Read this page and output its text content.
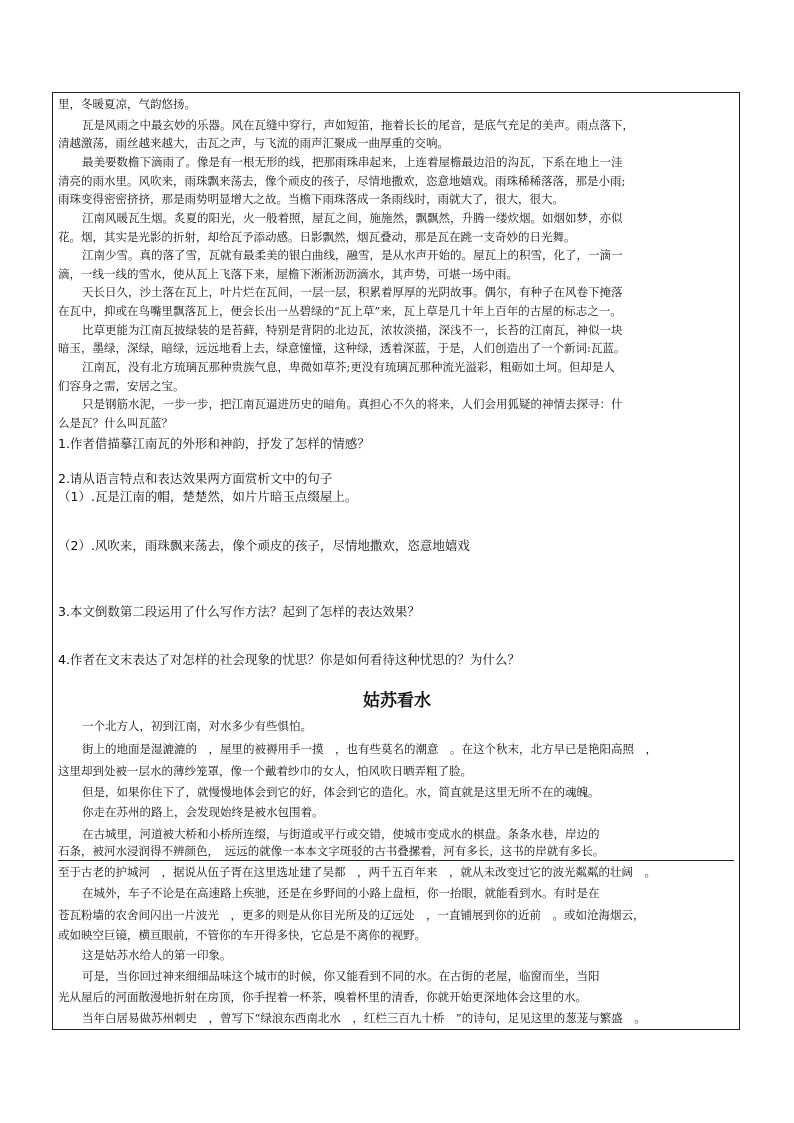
里，冬暖夏凉，气韵悠扬。
瓦是风雨之中最玄妙的乐器。风在瓦缝中穿行，声如短笛，拖着长长的尾音，是底气充足的美声。雨点落下，
清越激荡，雨丝越来越大，击瓦之声，与飞流的雨声汇聚成一曲厚重的交响。
最美要数檐下滴雨了。像是有一根无形的线，把那雨珠串起来，上连着屋檐最边沿的沟瓦，下系在地上一洼
清亮的雨水里。风吹来，雨珠飘来荡去，像个顽皮的孩子，尽情地撒欢，恣意地嬉戏。雨珠稀稀落落，那是小雨;
雨珠变得密密挤挤，那是雨势明显增大之故。当檐下雨珠落成一条雨线时，雨就大了，很大，很大。
江南风暖瓦生烟。炙夏的阳光，火一般着照，屋瓦之间，施施然，飘飘然，升腾一缕炊烟。如烟如梦，亦似
花。烟，其实是光影的折射，却给瓦予添动感。日影飘然，烟瓦叠动，那是瓦在跳一支奇妙的日光舞。
江南少雪。真的落了雪，瓦就有最柔美的银白曲线，融雪，是从水声开始的。屋瓦上的积雪，化了，一滴一
滴，一线一线的雪水，使从瓦上飞落下来，屋檐下淅淅沥沥滴水，其声势，可堪一场中雨。
天长日久，沙土落在瓦上，叶片烂在瓦间，一层一层，积累着厚厚的光阴故事。偶尔，有种子在风卷下掩落
在瓦中，抑或在鸟嘴里飘落瓦上，便会长出一丛碧绿的“瓦上草”来，瓦上草是几十年上百年的古屋的标志之一。
比草更能为江南瓦披绿装的是苔藓，特别是背阴的北边瓦，浓妆淡描，深浅不一，长苔的江南瓦，神似一块
暗玉，墨绿，深绿，暗绿，远远地看上去，绿意憧憧，这种绿，透着深蓝，于是，人们创造出了一个新词:瓦蓝。
江南瓦，没有北方琉璃瓦那种贵族气息，卑微如草芥;更没有琉璃瓦那种流光溢彩，粗砺如土坷。但却是人
们容身之需，安居之宝。
只是钢筋水泥，一步一步，把江南瓦逼进历史的暗角。真担心不久的将来，人们会用狐疑的神情去探寻：什
么是瓦？什么叫瓦蓝？
1.作者借描摹江南瓦的外形和神韵，抒发了怎样的情感？
2.请从语言特点和表达效果两方面赏析文中的句子
（1）.瓦是江南的帽，楚楚然，如片片暗玉点缀屋上。
（2）.风吹来，雨珠飘来荡去，像个顽皮的孩子，尽情地撒欢，恣意地嬉戏
3.本文倒数第二段运用了什么写作方法？起到了怎样的表达效果？
4.作者在文末表达了对怎样的社会现象的忧思？你是如何看待这种忧思的？为什么？
姑苏看水
一个北方人，初到江南，对水多少有些惧怕。
街上的地面是湿漉漉的　，屋里的被褥用手一摸　，也有些莫名的潮意　。在这个秋末，北方早已是艳阳高照　，
这里却到处被一层水的薄纱笼罩，像一个戴着纱巾的女人，怕风吹日晒弄粗了脸。
但是，如果你住下了，就慢慢地体会到它的好，体会到它的造化。水，简直就是这里无所不在的魂魄。
你走在苏州的路上，会发现始终是被水包围着。
在古城里，河道被大桥和小桥所连缀，与街道或平行或交错，使城市变成水的棋盘。条条水巷，岸边的
石条，被河水浸润得不辨颜色，　远远的就像一本本文字斑驳的古书叠摞着，河有多长，这书的岸就有多长。
至于古老的护城河　，据说从伍子胥在这里选址建了吴都　，两千五百年来　，就从未改变过它的波光粼粼的壮阔　。
在城外，车子不论是在高速路上疾驰，还是在乡野间的小路上盘桓，你一抬眼，就能看到水。有时是在
苍瓦粉墙的农舍间闪出一片波光　，更多的则是从你目光所及的辽远处　，一直铺展到你的近前　。或如沧海烟云，
或如映空巨镜，横亘眼前，不管你的车开得多快，它总是不离你的视野。
这是姑苏水给人的第一印象。
可是，当你回过神来细细品味这个城市的时候，你又能看到不同的水。在古街的老屋，临窗而坐，当阳
光从屋后的河面散漫地折射在房顶，你手捏着一杯茶，嗅着杯里的清香，你就开始更深地体会这里的水。
当年白居易做苏州刺史　，曾写下“绿浪东西南北水　，红栏三百九十桥　”的诗句，足见这里的葱茏与繁盛　。
